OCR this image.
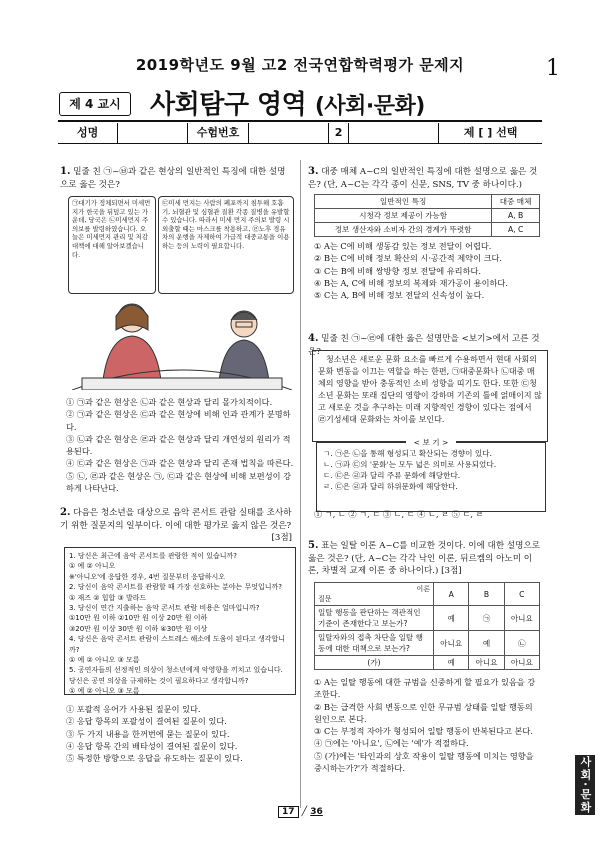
2019학년도 9월 고2 전국연합학력평가 문제지	1
제 4 교시	사회탐구 영역 (사회·문화)
성명	수험번호	2	제 [ ] 선택
1. 밑줄 친 ㉠~㉥과 같은 현상의 일반적인 특징에 대한 설명으로 옳은 것은?
㉠대기가 정체되면서 미세먼지가 한국을 뒤덮고 있는 가운데, 당국은 ㉡미세먼지 주의보를 발령하였습니다. 오늘은 미세먼지 관리 및 저감 대책에 대해 알아보겠습니다.
㉢미세 먼지는 사람의 폐포까지 침투해 호흡기, 뇌혈관 및 심혈관 질환 각종 질병을 유발할 수 있습니다. 따라서 미세 먼지 주의보 발령 시 외출할 때는 마스크를 착용하고, ㉣노후 경유차의 운행을 자제하여 가급적 대중교통을 이용하는 등의 노력이 필요합니다.
① ㉠과 같은 현상은 ㉡과 같은 현상과 달리 몰가치적이다.
② ㉠과 같은 현상은 ㉢과 같은 현상에 비해 인과 관계가 분명하다.
③ ㉡과 같은 현상은 ㉣과 같은 현상과 달리 개연성의 원리가 적용된다.
④ ㉢과 같은 현상은 ㉠과 같은 현상과 달리 존재 법칙을 따른다.
⑤ ㉡, ㉣과 같은 현상은 ㉠, ㉢과 같은 현상에 비해 보편성이 강하게 나타난다.
2. 다음은 청소년을 대상으로 음악 콘서트 관람 실태를 조사하기 위한 질문지의 일부이다. 이에 대한 평가로 옳지 않은 것은?
[3점]
1. 당신은 최근에 음악 콘서트를 관람한 적이 있습니까?
① 예 ② 아니오
※'아니오'에 응답한 경우, 4번 질문부터 응답하시오
2. 당신이 음악 콘서트를 관람할 때 가장 선호하는 분야는 무엇입니까?
① 재즈 ② 힙합 ③ 발라드
3. 당신이 연간 지출하는 음악 콘서트 관람 비용은 얼마입니까?
①10만 원 이하 ②10만 원 이상 20만 원 이하
③20만 원 이상 30만 원 이하 ④30만 원 이상
4. 당신은 음악 콘서트 관람이 스트레스 해소에 도움이 된다고 생각합니까?
① 예 ② 아니오 ③ 모름
5. 공연자들의 선정적인 의상이 청소년에게 악영향을 끼치고 있습니다. 당신은 공연 의상을 규제하는 것이 필요하다고 생각합니까?
① 예 ② 아니오 ③ 모름
① 포괄적 응어가 사용된 질문이 있다.
② 응답 항목의 포괄성이 결여된 질문이 있다.
③ 두 가지 내용을 한꺼번에 묻는 질문이 있다.
④ 응답 항목 간의 배타성이 결여된 질문이 있다.
⑤ 특정한 방향으로 응답을 유도하는 질문이 있다.
3. 대중 매체 A~C의 일반적인 특징에 대한 설명으로 옳은 것은? (단, A~C는 각각 종이 신문, SNS, TV 중 하나이다.)
일반적인 특징	대중 매체
시청각 정보 제공이 가능함	A, B
정보 생산자와 소비자 간의 경계가 뚜렷함	A, C
① A는 C에 비해 생동감 있는 정보 전달이 어렵다.
② B는 C에 비해 정보 확산의 시·공간적 제약이 크다.
③ C는 B에 비해 쌍방향 정보 전달에 유리하다.
④ B는 A, C에 비해 정보의 복제와 재가공이 용이하다.
⑤ C는 A, B에 비해 정보 전달의 신속성이 높다.
4. 밑줄 친 ㉠~㉣에 대한 옳은 설명만을 <보기>에서 고른 것은?
청소년은 새로운 문화 요소를 빠르게 수용하면서 현대 사회의 문화 변동을 이끄는 역할을 하는 한편, ㉠대중문화나 ㉡대중 매체의 영향을 받아 충동적인 소비 성향을 띠기도 한다. 또한 ㉢청소년 문화는 또래 집단의 영향이 강하며 기존의 틀에 얽매이지 않고 새로운 것을 추구하는 미래 지향적인 경향이 있다는 점에서 ㉣기성세대 문화와는 차이를 보인다.
< 보 기 >
ㄱ. ㉠은 ㉡을 통해 형성되고 확산되는 경향이 있다.
ㄴ. ㉠과 ㉢의 '문화'는 모두 넓은 의미로 사용되었다.
ㄷ. ㉢은 ㉣과 달리 주류 문화에 해당한다.
ㄹ. ㉢은 ㉣과 달리 하위문화에 해당한다.
① ㄱ, ㄴ ② ㄱ, ㄷ ③ ㄴ, ㄷ ④ ㄴ, ㄹ ⑤ ㄷ, ㄹ
5. 표는 일탈 이론 A~C를 비교한 것이다. 이에 대한 설명으로 옳은 것은? (단, A~C는 각각 낙인 이론, 뒤르켐의 아노미 이론, 차별적 교제 이론 중 하나이다.) [3점]
이론

질문	A	B	C
일탈 행동을 판단하는 객관적인 기준이 존재한다고 보는가?	예	㉠	아니요
일탈자와의 접촉 차단을 일탈 행동에 대한 대책으로 보는가?	아니요	예	㉡
(가)	예	아니요	아니요
① A는 일탈 행동에 대한 규범을 신중하게 할 필요가 있음을 강조한다.
② B는 급격한 사회 변동으로 인한 무규범 상태를 일탈 행동의 원인으로 본다.
③ C는 부정적 자아가 형성되어 일탈 행동이 반복된다고 본다.
④ ㉠에는 '아니요', ㉡에는 '예'가 적절하다.
⑤ (가)에는 '타인과의 상호 작용이 일탈 행동에 미치는 영향을 중시하는가?'가 적절하다.	사회·문화
17 ╱ 36
